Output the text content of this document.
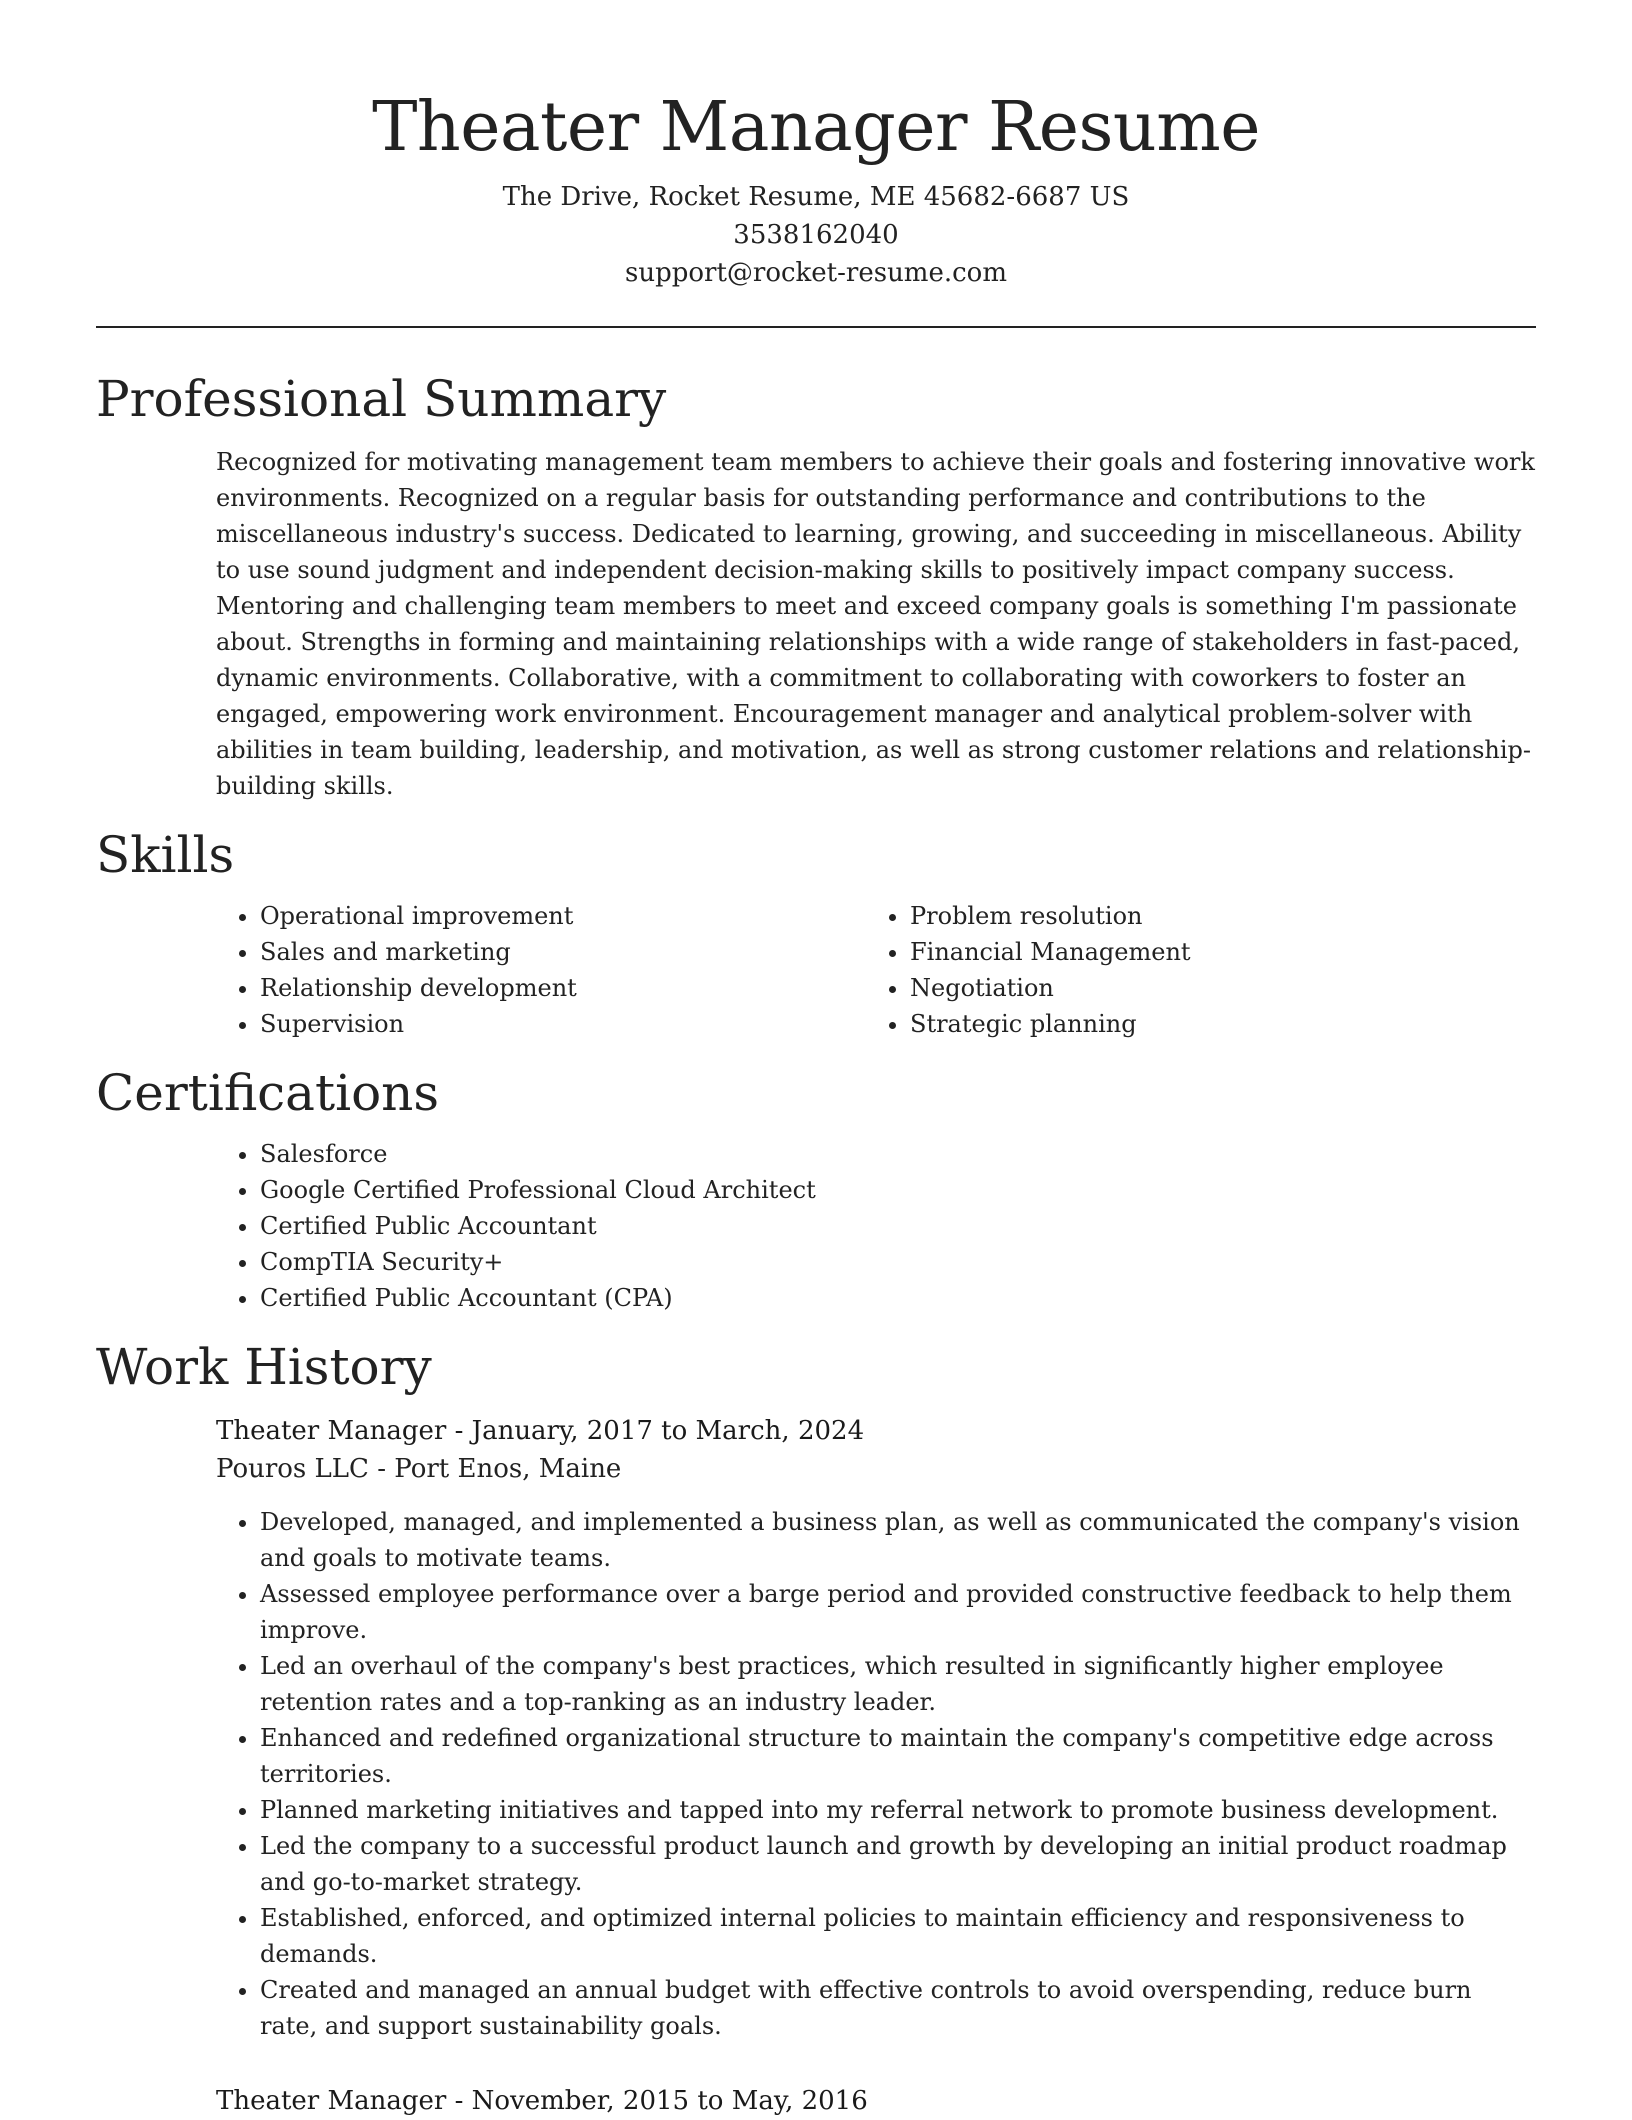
Theater Manager Resume
The Drive, Rocket Resume, ME 45682-6687 US
3538162040
support@rocket-resume.com
Professional Summary

Recognized for motivating management team members to achieve their goals and fostering innovative work environments. Recognized on a regular basis for outstanding performance and contributions to the miscellaneous industry's success. Dedicated to learning, growing, and succeeding in miscellaneous. Ability to use sound judgment and independent decision-making skills to positively impact company success. Mentoring and challenging team members to meet and exceed company goals is something I'm passionate about. Strengths in forming and maintaining relationships with a wide range of stakeholders in fast-paced, dynamic environments. Collaborative, with a commitment to collaborating with coworkers to foster an engaged, empowering work environment. Encouragement manager and analytical problem-solver with abilities in team building, leadership, and motivation, as well as strong customer relations and relationship-building skills.

Skills
• Operational improvement
• Sales and marketing
• Relationship development
• Supervision
• Problem resolution
• Financial Management
• Negotiation
• Strategic planning
Certifications
• Salesforce
• Google Certified Professional Cloud Architect
• Certified Public Accountant
• CompTIA Security+
• Certified Public Accountant (CPA)
Work History
Theater Manager - January, 2017 to March, 2024
Pouros LLC - Port Enos, Maine
• Developed, managed, and implemented a business plan, as well as communicated the company's vision and goals to motivate teams.
• Assessed employee performance over a barge period and provided constructive feedback to help them improve.
• Led an overhaul of the company's best practices, which resulted in significantly higher employee retention rates and a top-ranking as an industry leader.
• Enhanced and redefined organizational structure to maintain the company's competitive edge across territories.
• Planned marketing initiatives and tapped into my referral network to promote business development.
• Led the company to a successful product launch and growth by developing an initial product roadmap and go-to-market strategy.
• Established, enforced, and optimized internal policies to maintain efficiency and responsiveness to demands.
• Created and managed an annual budget with effective controls to avoid overspending, reduce burn rate, and support sustainability goals.
Theater Manager - November, 2015 to May, 2016
